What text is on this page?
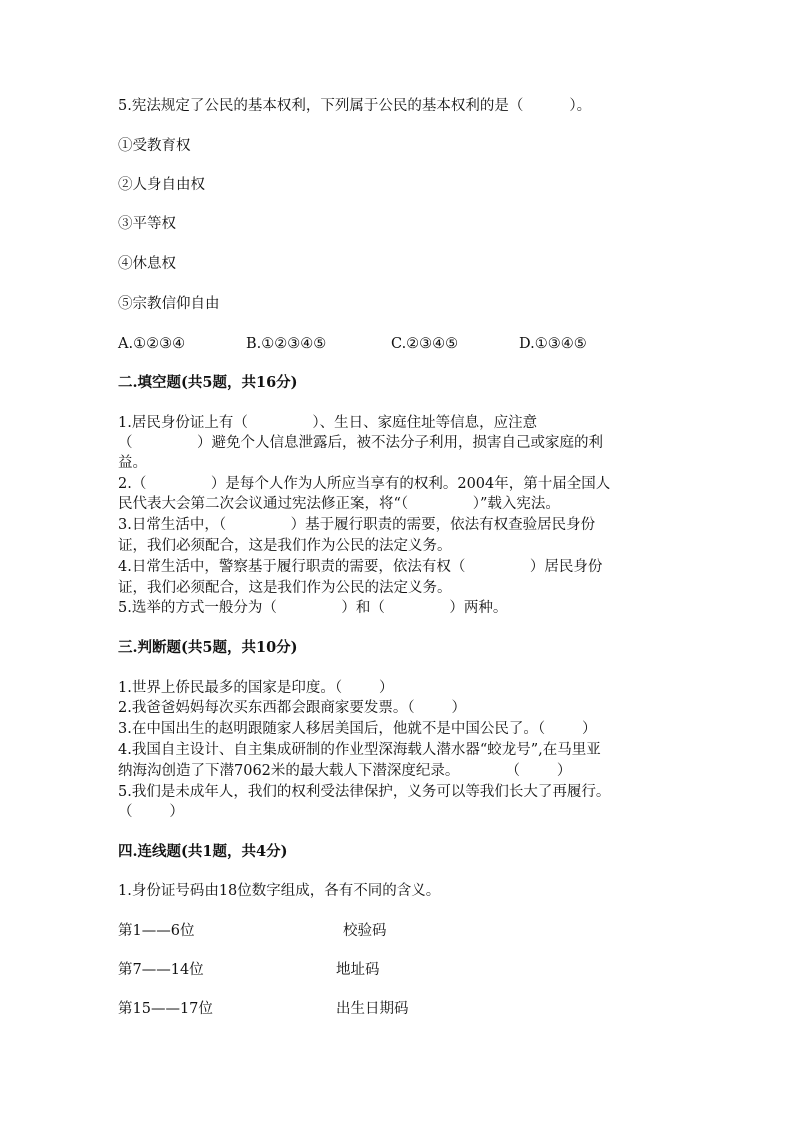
5.宪法规定了公民的基本权利，下列属于公民的基本权利的是（          ）。
①受教育权
②人身自由权
③平等权
④休息权
⑤宗教信仰自由
A.①②③④	B.①②③④⑤	C.②③④⑤	D.①③④⑤
二.填空题(共5题，共16分)
1.居民身份证上有（              ）、生日、家庭住址等信息，应注意
（              ）避免个人信息泄露后，被不法分子利用，损害自己或家庭的利
益。
2.（              ）是每个人作为人所应当享有的权利。2004年，第十届全国人
民代表大会第二次会议通过宪法修正案，将“（              ）”载入宪法。
3.日常生活中，（              ）基于履行职责的需要，依法有权查验居民身份
证，我们必须配合，这是我们作为公民的法定义务。
4.日常生活中，警察基于履行职责的需要，依法有权（              ）居民身份
证，我们必须配合，这是我们作为公民的法定义务。
5.选举的方式一般分为（              ）和（              ）两种。
三.判断题(共5题，共10分)
1.世界上侨民最多的国家是印度。（        ）
2.我爸爸妈妈每次买东西都会跟商家要发票。（        ）
3.在中国出生的赵明跟随家人移居美国后，他就不是中国公民了。（        ）
4.我国自主设计、自主集成研制的作业型深海载人潜水器“蛟龙号”,在马里亚
纳海沟创造了下潜7062米的最大载人下潜深度纪录。          （        ）
5.我们是未成年人，我们的权利受法律保护，义务可以等我们长大了再履行。
（        ）
四.连线题(共1题，共4分)
1.身份证号码由18位数字组成，各有不同的含义。
第1——6位	校验码
第7——14位	地址码
第15——17位	出生日期码
